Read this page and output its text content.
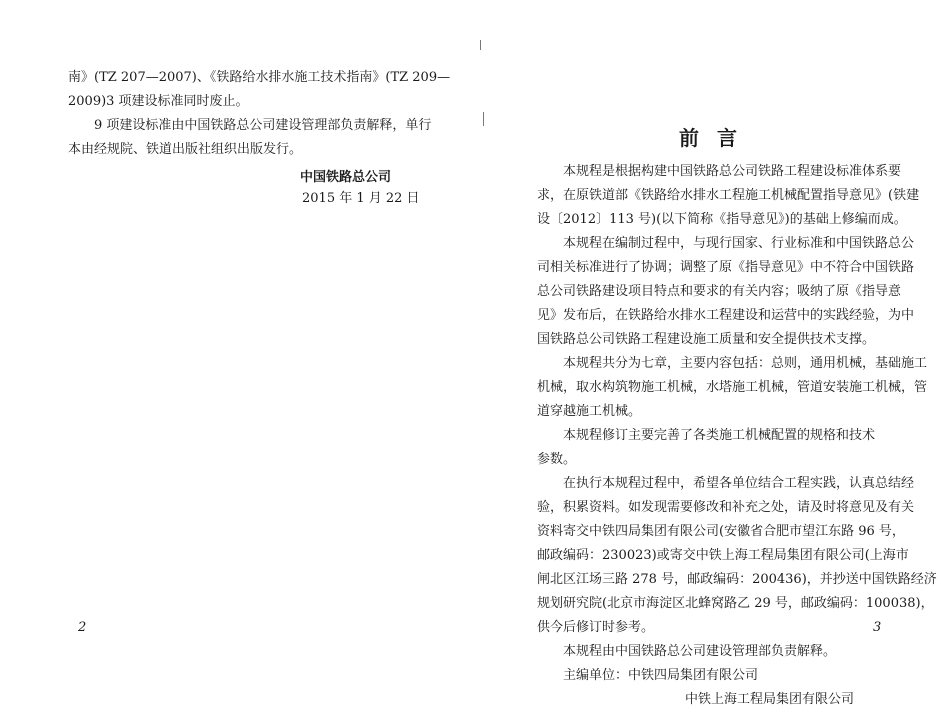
南》(TZ 207—2007)、《铁路给水排水施工技术指南》(TZ 209—
2009)3 项建设标准同时废止。
9 项建设标准由中国铁路总公司建设管理部负责解释，单行
本由经规院、铁道出版社组织出版发行。
中国铁路总公司
2015 年 1 月 22 日
2
前言
本规程是根据构建中国铁路总公司铁路工程建设标准体系要
求，在原铁道部《铁路给水排水工程施工机械配置指导意见》(铁建
设〔2012〕113 号)(以下简称《指导意见》)的基础上修编而成。
本规程在编制过程中，与现行国家、行业标准和中国铁路总公
司相关标准进行了协调；调整了原《指导意见》中不符合中国铁路
总公司铁路建设项目特点和要求的有关内容；吸纳了原《指导意
见》发布后，在铁路给水排水工程建设和运营中的实践经验，为中
国铁路总公司铁路工程建设施工质量和安全提供技术支撑。
本规程共分为七章，主要内容包括：总则，通用机械，基础施工
机械，取水构筑物施工机械，水塔施工机械，管道安装施工机械，管
道穿越施工机械。
本规程修订主要完善了各类施工机械配置的规格和技术
参数。
在执行本规程过程中，希望各单位结合工程实践，认真总结经
验，积累资料。如发现需要修改和补充之处，请及时将意见及有关
资料寄交中铁四局集团有限公司(安徽省合肥市望江东路 96 号，
邮政编码：230023)或寄交中铁上海工程局集团有限公司(上海市
闸北区江场三路 278 号，邮政编码：200436)，并抄送中国铁路经济
规划研究院(北京市海淀区北蜂窝路乙 29 号，邮政编码：100038)，
供今后修订时参考。
本规程由中国铁路总公司建设管理部负责解释。
主编单位：中铁四局集团有限公司
中铁上海工程局集团有限公司
3
